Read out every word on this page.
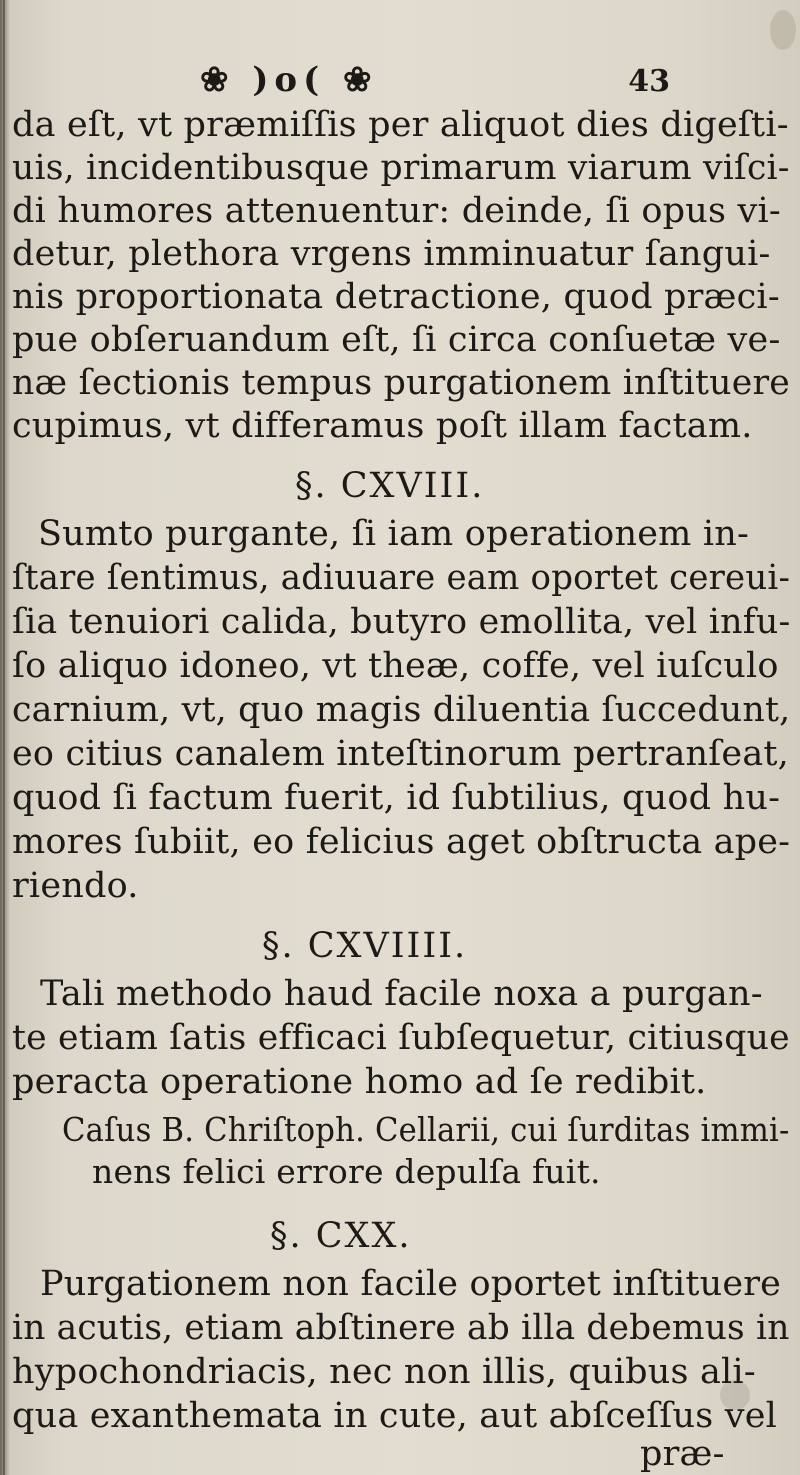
❀ )o( ❀	43
da eſt, vt præmiſſis per aliquot dies digeſti-
uis, incidentibusque primarum viarum viſci-
di humores attenuentur: deinde, ſi opus vi-
detur, plethora vrgens imminuatur ſangui-
nis proportionata detractione, quod præci-
pue obſeruandum eſt, ſi circa conſuetæ ve-
næ ſectionis tempus purgationem inſtituere
cupimus, vt differamus poſt illam factam.
§. CXVIII.
Sumto purgante, ſi iam operationem in-
ſtare ſentimus, adiuuare eam oportet cereui-
ſia tenuiori calida, butyro emollita, vel infu-
ſo aliquo idoneo, vt theæ, coffe, vel iuſculo
carnium, vt, quo magis diluentia ſuccedunt,
eo citius canalem inteſtinorum pertranſeat,
quod ſi factum fuerit, id ſubtilius, quod hu-
mores ſubiit, eo felicius aget obſtructa ape-
riendo.
§. CXVIIII.
Tali methodo haud facile noxa a purgan-
te etiam ſatis efficaci ſubſequetur, citiusque
peracta operatione homo ad ſe redibit.
Caſus B. Chriſtoph. Cellarii, cui ſurditas immi-
nens felici errore depulſa fuit.
§. CXX.
Purgationem non facile oportet inſtituere
in acutis, etiam abſtinere ab illa debemus in
hypochondriacis, nec non illis, quibus ali-
qua exanthemata in cute, aut abſceſſus vel
præ-
